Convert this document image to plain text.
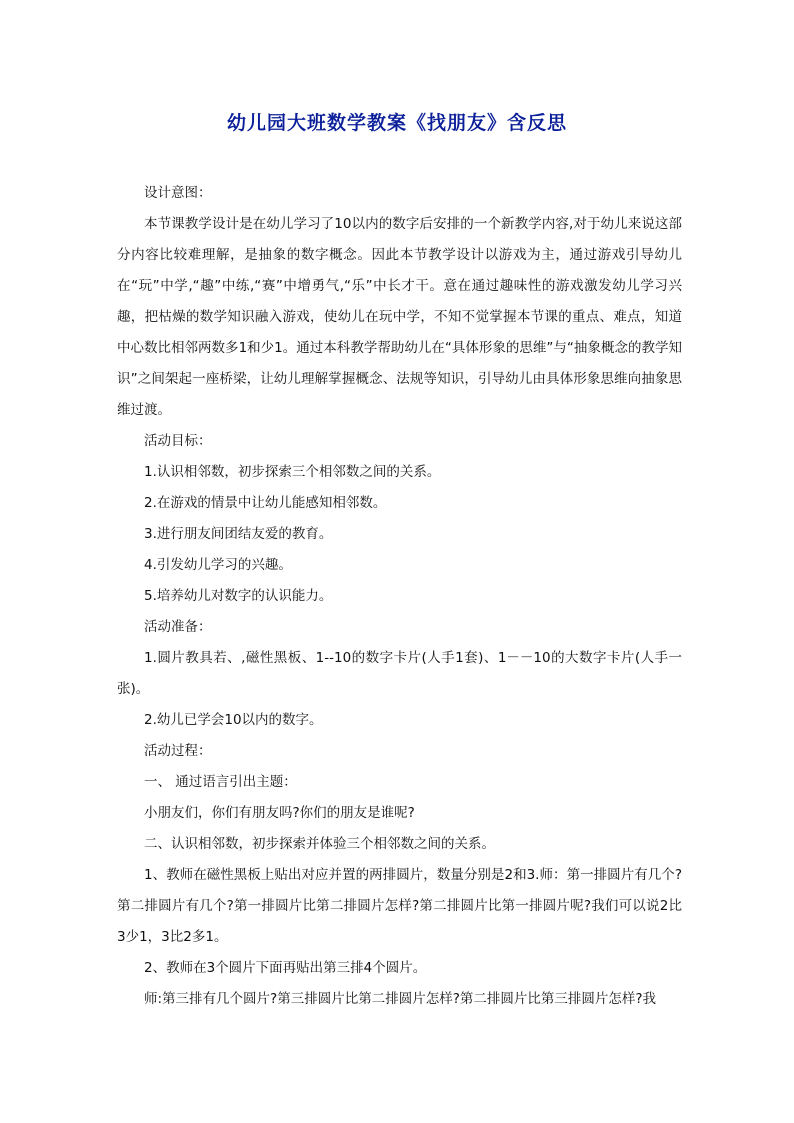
幼儿园大班数学教案《找朋友》含反思

设计意图：

本节课教学设计是在幼儿学习了10以内的数字后安排的一个新教学内容,对于幼儿来说这部分内容比较难理解，是抽象的数字概念。因此本节教学设计以游戏为主，通过游戏引导幼儿在“玩”中学,“趣”中练,“赛”中增勇气,“乐”中长才干。意在通过趣味性的游戏激发幼儿学习兴趣，把枯燥的数学知识融入游戏，使幼儿在玩中学，不知不觉掌握本节课的重点、难点，知道中心数比相邻两数多1和少1。通过本科教学帮助幼儿在“具体形象的思维”与“抽象概念的教学知识”之间架起一座桥梁，让幼儿理解掌握概念、法规等知识，引导幼儿由具体形象思维向抽象思维过渡。

活动目标：

1.认识相邻数，初步探索三个相邻数之间的关系。

2.在游戏的情景中让幼儿能感知相邻数。

3.进行朋友间团结友爱的教育。

4.引发幼儿学习的兴趣。

5.培养幼儿对数字的认识能力。

活动准备：

1.圆片教具若、,磁性黑板、1--10的数字卡片(人手1套)、1－－10的大数字卡片(人手一张)。

2.幼儿已学会10以内的数字。

活动过程：

一、 通过语言引出主题：

小朋友们，你们有朋友吗?你们的朋友是谁呢?

二、认识相邻数，初步探索并体验三个相邻数之间的关系。

1、教师在磁性黑板上贴出对应并置的两排圆片，数量分别是2和3.师：第一排圆片有几个?第二排圆片有几个?第一排圆片比第二排圆片怎样?第二排圆片比第一排圆片呢?我们可以说2比3少1，3比2多1。

2、教师在3个圆片下面再贴出第三排4个圆片。

师:第三排有几个圆片?第三排圆片比第二排圆片怎样?第二排圆片比第三排圆片怎样?我
